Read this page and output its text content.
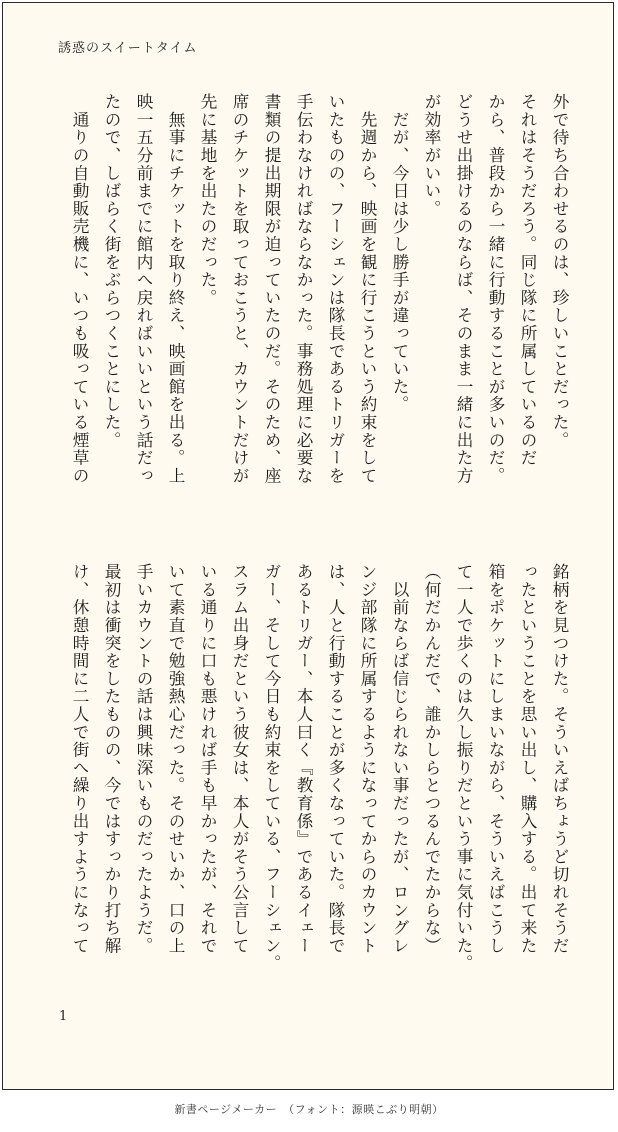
誘惑のスイートタイム
外で待ち合わせるのは、珍しいことだった。
それはそうだろう。同じ隊に所属しているのだ
から、普段から一緒に行動することが多いのだ。
どうせ出掛けるのならば、そのまま一緒に出た方
が効率がいい。
　だが、今日は少し勝手が違っていた。
　先週から、映画を観に行こうという約束をして
いたものの、フーシェンは隊長であるトリガーを
手伝わなければならなかった。事務処理に必要な
書類の提出期限が迫っていたのだ。そのため、座
席のチケットを取っておこうと、カウントだけが
先に基地を出たのだった。
　無事にチケットを取り終え、映画館を出る。上
映一五分前までに館内へ戻ればいいという話だっ
たので、しばらく街をぶらつくことにした。
　通りの自動販売機に、いつも吸っている煙草の
銘柄を見つけた。そういえばちょうど切れそうだ
ったということを思い出し、購入する。出て来た
箱をポケットにしまいながら、そういえばこうし
て一人で歩くのは久し振りだという事に気付いた。
（何だかんだで、誰かしらとつるんでたからな）
　以前ならば信じられない事だったが、ロングレ
ンジ部隊に所属するようになってからのカウント
は、人と行動することが多くなっていた。隊長で
あるトリガー、本人曰く『教育係』であるイェー
ガー、そして今日も約束をしている、フーシェン。
スラム出身だという彼女は、本人がそう公言して
いる通りに口も悪ければ手も早かったが、それで
いて素直で勉強熱心だった。そのせいか、口の上
手いカウントの話は興味深いものだったようだ。
最初は衝突をしたものの、今ではすっかり打ち解
け、休憩時間に二人で街へ繰り出すようになって
1
新書ページメーカー　（フォント：源暎こぶり明朝）
